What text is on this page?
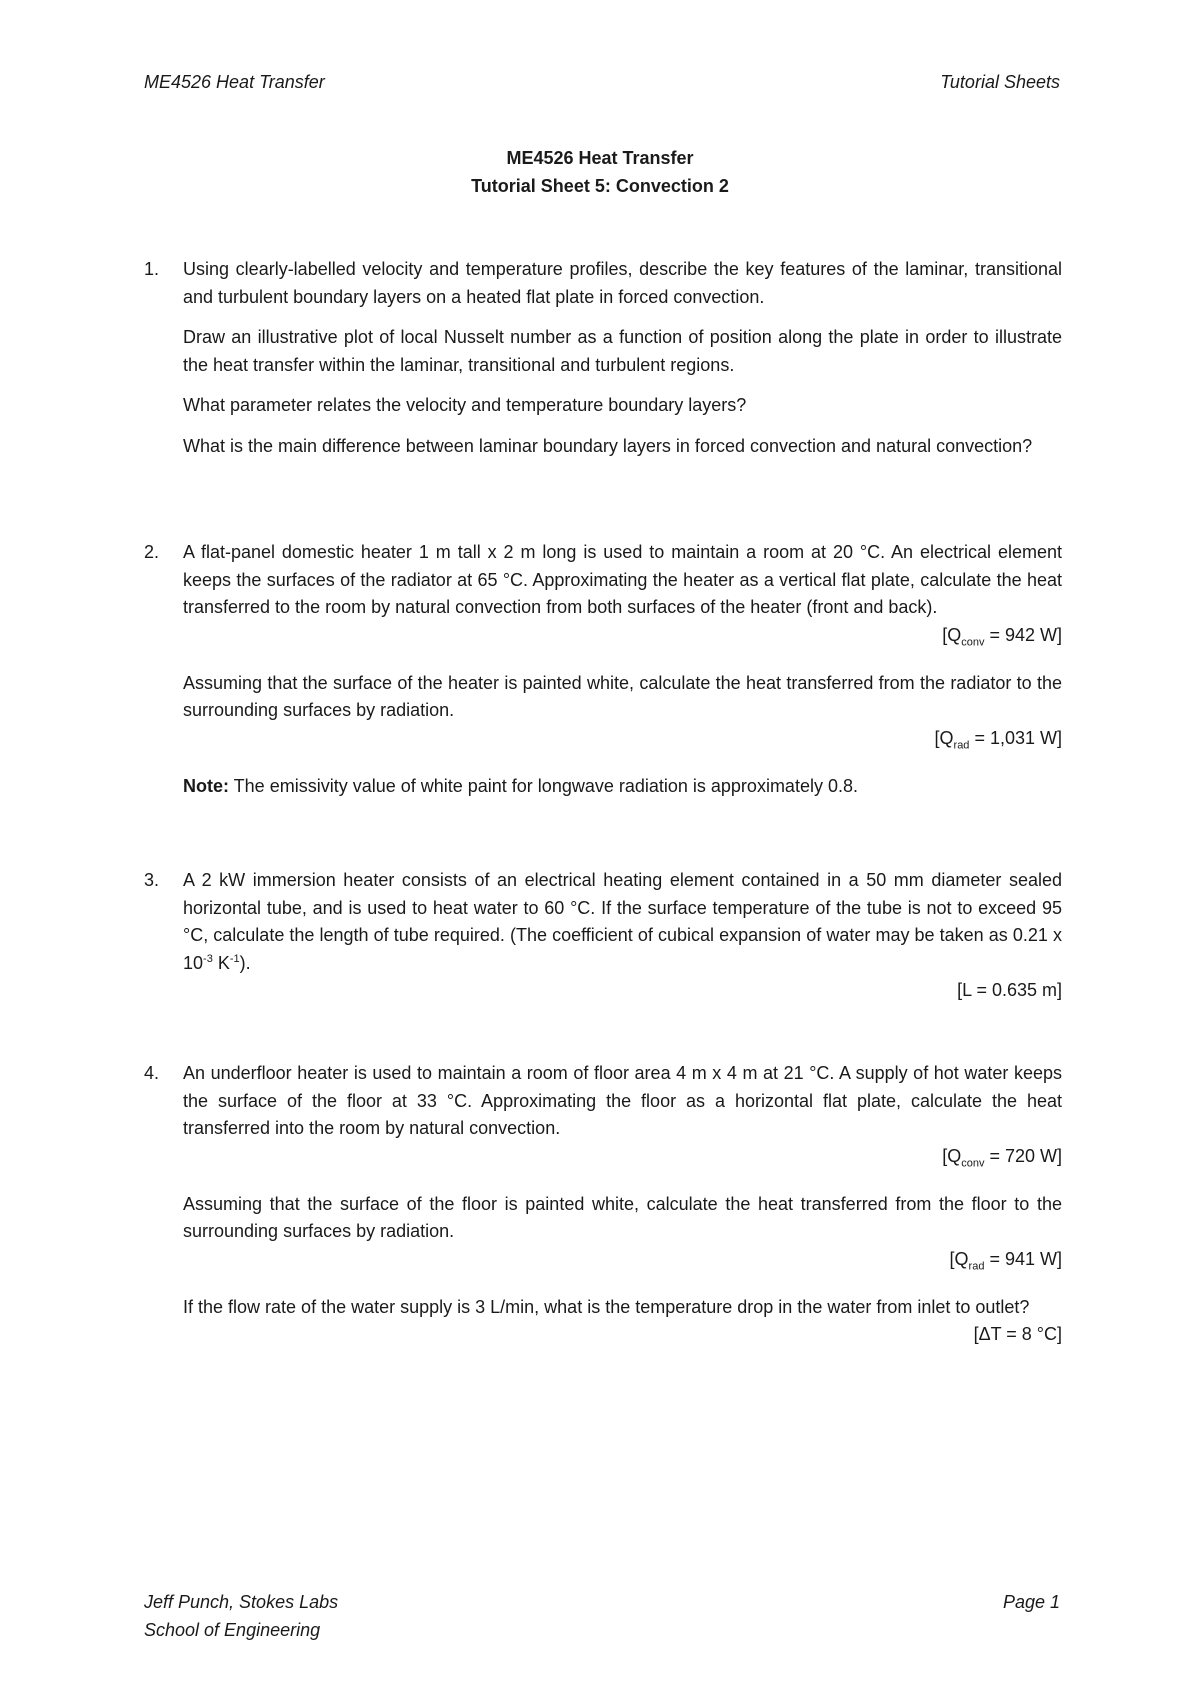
ME4526 Heat Transfer	Tutorial Sheets
ME4526 Heat Transfer
Tutorial Sheet 5: Convection 2
1. Using clearly-labelled velocity and temperature profiles, describe the key features of the laminar, transitional and turbulent boundary layers on a heated flat plate in forced convection.

Draw an illustrative plot of local Nusselt number as a function of position along the plate in order to illustrate the heat transfer within the laminar, transitional and turbulent regions.

What parameter relates the velocity and temperature boundary layers?

What is the main difference between laminar boundary layers in forced convection and natural convection?

2. A flat-panel domestic heater 1 m tall x 2 m long is used to maintain a room at 20 °C. An electrical element keeps the surfaces of the radiator at 65 °C. Approximating the heater as a vertical flat plate, calculate the heat transferred to the room by natural convection from both surfaces of the heater (front and back).

[$Q_{conv} = 942$ W]

Assuming that the surface of the heater is painted white, calculate the heat transferred from the radiator to the surrounding surfaces by radiation.

[$Q_{rad} = 1,031$ W]

Note: The emissivity value of white paint for longwave radiation is approximately 0.8.

3. A 2 kW immersion heater consists of an electrical heating element contained in a 50 mm diameter sealed horizontal tube, and is used to heat water to 60 °C. If the surface temperature of the tube is not to exceed 95 °C, calculate the length of tube required. (The coefficient of cubical expansion of water may be taken as 0.21 x $10^{-3}$ $K^{-1}$).

[L = 0.635 m]
4. An underfloor heater is used to maintain a room of floor area 4 m x 4 m at 21 °C. A supply of hot water keeps the surface of the floor at 33 °C. Approximating the floor as a horizontal flat plate, calculate the heat transferred into the room by natural convection.

[$Q_{conv} = 720$ W]

Assuming that the surface of the floor is painted white, calculate the heat transferred from the floor to the surrounding surfaces by radiation.

[$Q_{rad} = 941$ W]

If the flow rate of the water supply is 3 L/min, what is the temperature drop in the water from inlet to outlet?

[ΔT = 8 °C]
Jeff Punch, Stokes Labs
School of Engineering
Page 1
